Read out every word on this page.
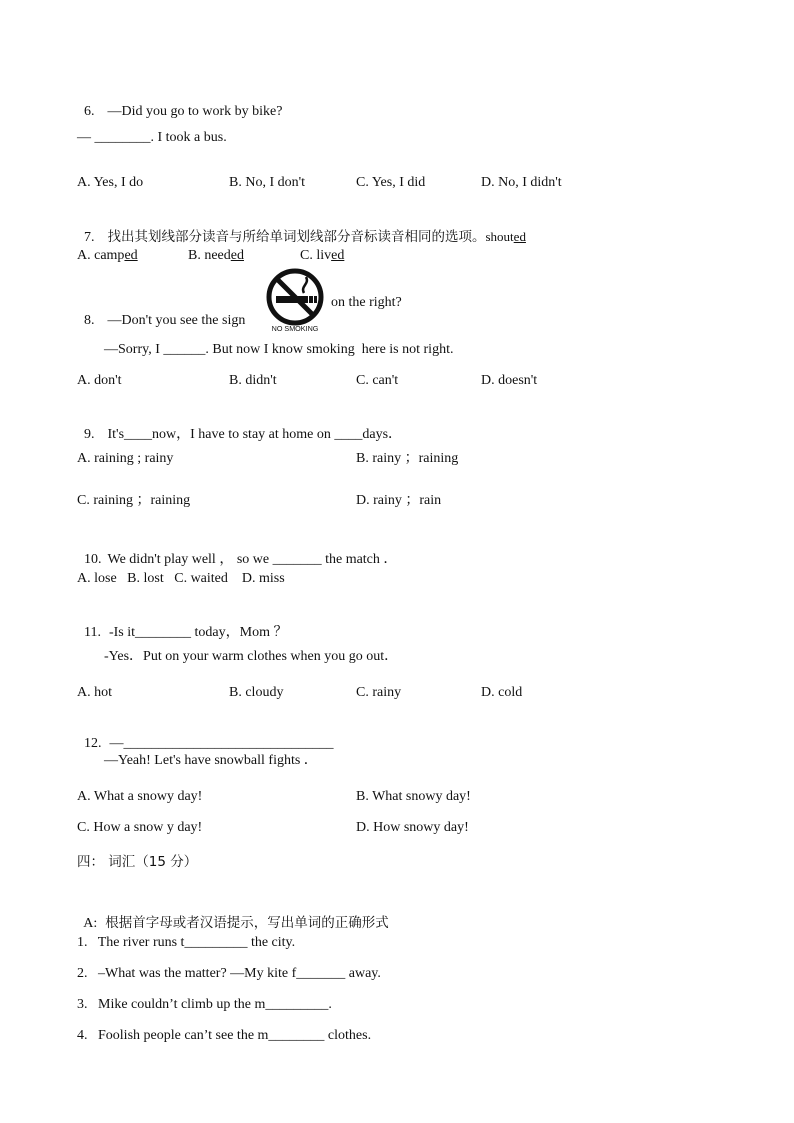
6. —Did you go to work by bike?

— ________. I took a bus.
A. Yes, I do	B. No, I don't	C. Yes, I did	D. No, I didn't

7. 找出其划线部分读音与所给单词划线部分音标读音相同的选项。shouted

A. camped	B. needed	C. lived

8. —Don't you see the sign

on the right?
NO SMOKING
—Sorry, I ______. But now I know smoking  here is not right.
A. don't	B. didn't	C. can't	D. doesn't

9. It's____now，I have to stay at home on ____days．

A. raining ; rainy	B. rainy ；raining
C. raining ；raining	D. rainy ；rain

10. We didn't play well ， so we _______ the match ．

A. lose   B. lost   C. waited    D. miss

11. -Is it________ today，Mom ？

-Yes．Put on your warm clothes when you go out．
A. hot	B. cloudy	C. rainy	D. cold

12. —______________________________

—Yeah! Let's have snowball fights ．
A. What a snowy day!	B. What snowy day!
C. How a snow y day!	D. How snowy day!
四： 词汇（15 分）

A: 根据首字母或者汉语提示，写出单词的正确形式

1.   The river runs t_________ the city.
2.   –What was the matter? —My kite f_______ away.
3.   Mike couldn’t climb up the m_________.
4.   Foolish people can’t see the m________ clothes.
